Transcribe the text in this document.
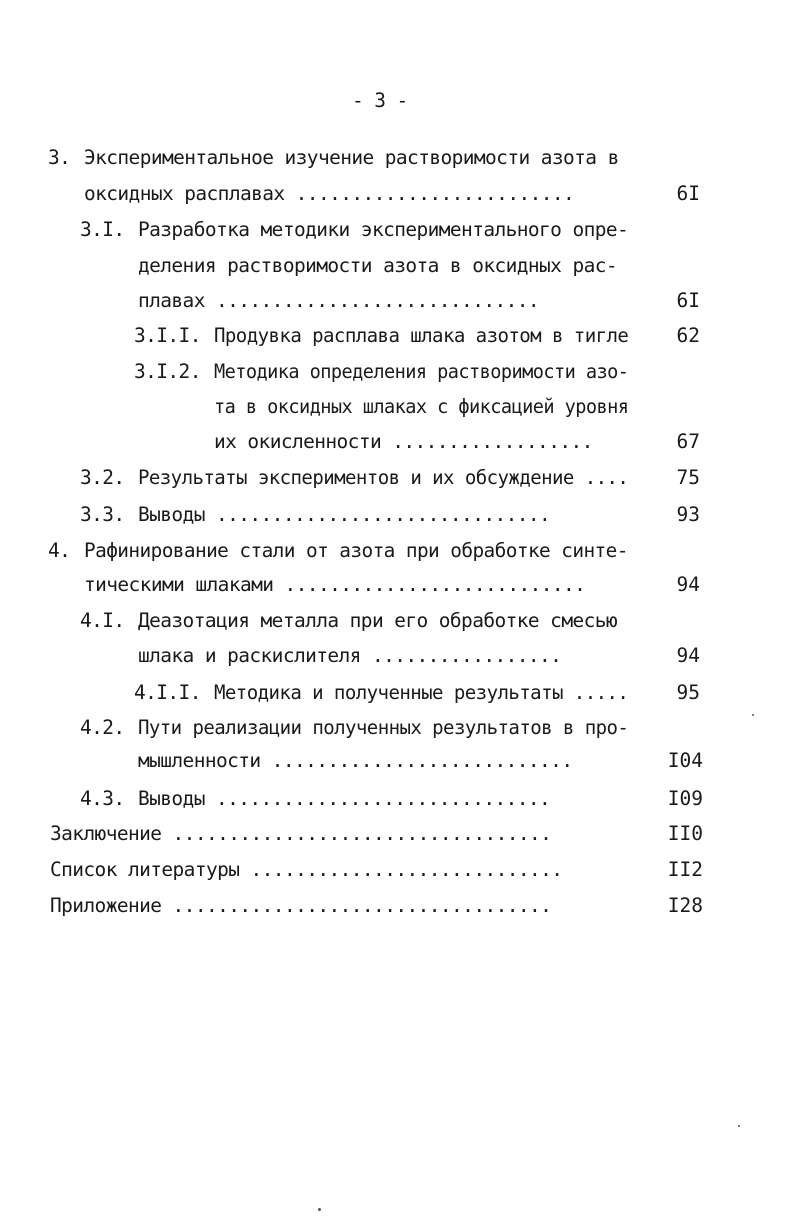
- 3 -
3. Экспериментальное изучение растворимости азота в
оксидных расплавах .........................	6I
3.I. Разработка методики экспериментального опре-
деления растворимости азота в оксидных рас-
плавах .............................	6I
3.I.I. Продувка расплава шлака азотом в тигле	62
3.I.2. Методика определения растворимости азо-
та в оксидных шлаках с фиксацией уровня
их окисленности ..................	67
3.2. Результаты экспериментов и их обсуждение ....	75
3.3. Выводы ..............................	93
4. Рафинирование стали от азота при обработке синте-
тическими шлаками ...........................	94
4.I. Деазотация металла при его обработке смесью
шлака и раскислителя .................	94
4.I.I. Методика и полученные результаты .....	95
4.2. Пути реализации полученных результатов в про-
мышленности ...........................	I04
4.3. Выводы ..............................	I09
Заключение ..................................	II0
Список литературы ............................	II2
Приложение ..................................	I28
